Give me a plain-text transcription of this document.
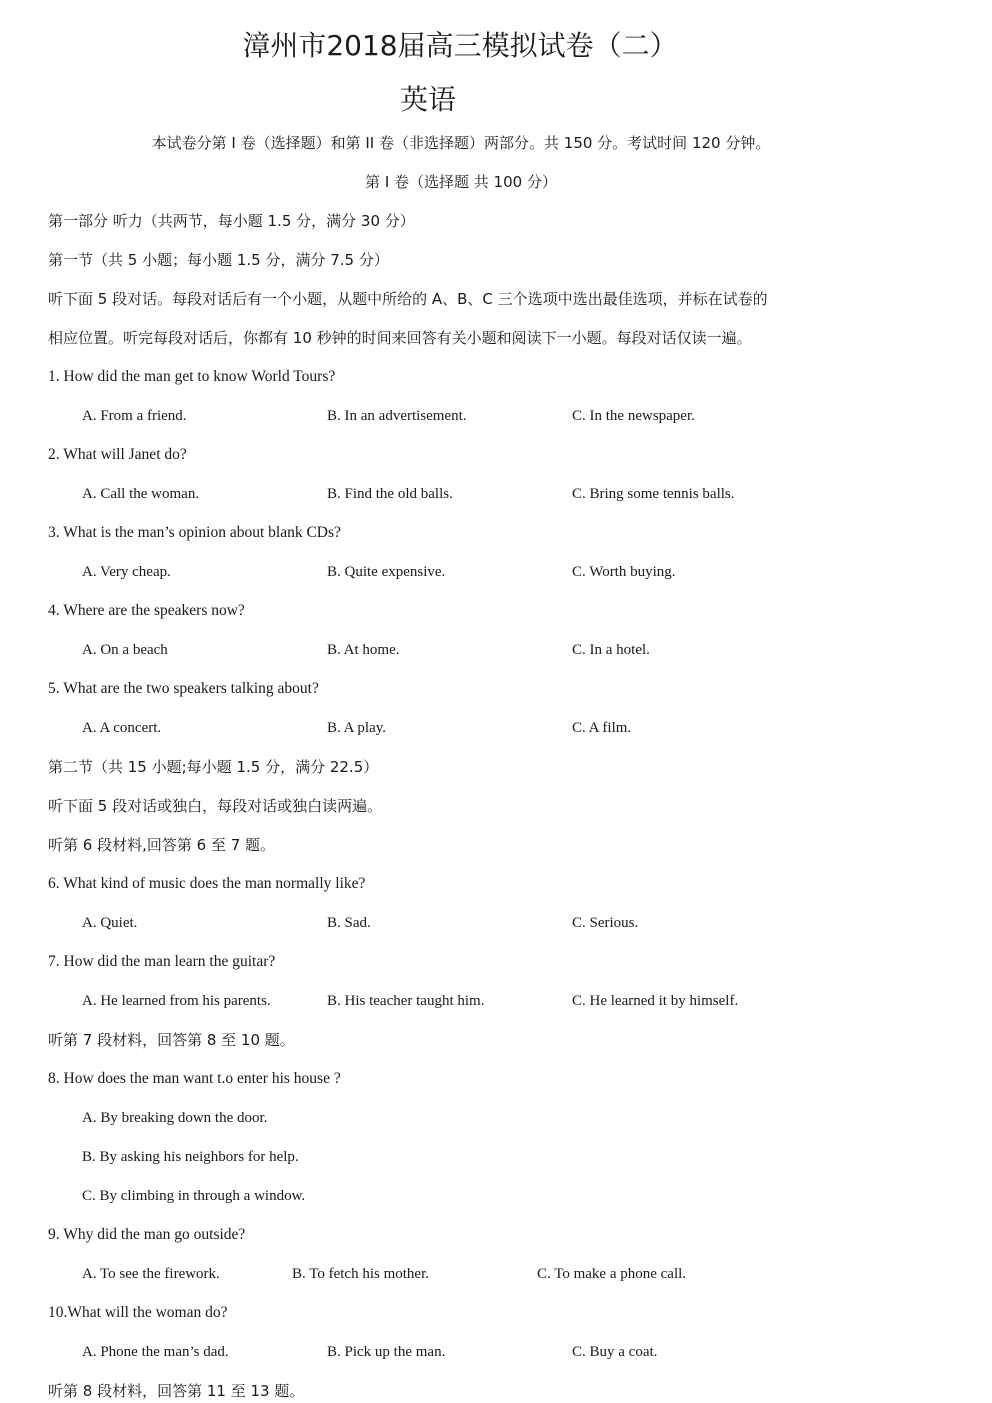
漳州市2018届高三模拟试卷（二）
英语
本试卷分第 I 卷（选择题）和第 II 卷（非选择题）两部分。共 150 分。考试时间 120 分钟。
第 I 卷（选择题 共 100 分）
第一部分 听力（共两节，每小题 1.5 分，满分 30 分）
第一节（共 5 小题；每小题 1.5 分，满分 7.5 分）
听下面 5 段对话。每段对话后有一个小题，从题中所给的 A、B、C 三个选项中选出最佳选项，并标在试卷的
相应位置。听完每段对话后，你都有 10 秒钟的时间来回答有关小题和阅读下一小题。每段对话仅读一遍。
1. How did the man get to know World Tours?
A. From a friend.	B. In an advertisement.	C. In the newspaper.
2. What will Janet do?
A. Call the woman.	B. Find the old balls.	C. Bring some tennis balls.
3. What is the man’s opinion about blank CDs?
A. Very cheap.	B. Quite expensive.	C. Worth buying.
4. Where are the speakers now?
A. On a beach	B. At home.	C. In a hotel.
5. What are the two speakers talking about?
A. A concert.	B. A play.	C. A film.
第二节（共 15 小题;每小题 1.5 分，满分 22.5）
听下面 5 段对话或独白，每段对话或独白读两遍。
听第 6 段材料,回答第 6 至 7 题。
6. What kind of music does the man normally like?
A. Quiet.	B. Sad.	C. Serious.
7. How did the man learn the guitar?
A. He learned from his parents.	B. His teacher taught him.	C. He learned it by himself.
听第 7 段材料，回答第 8 至 10 题。
8. How does the man want t.o enter his house ?
A. By breaking down the door.
B. By asking his neighbors for help.
C. By climbing in through a window.
9. Why did the man go outside?
A. To see the firework.	B. To fetch his mother.	C. To make a phone call.
10.What will the woman do?
A. Phone the man’s dad.	B. Pick up the man.	C. Buy a coat.
听第 8 段材料，回答第 11 至 13 题。
